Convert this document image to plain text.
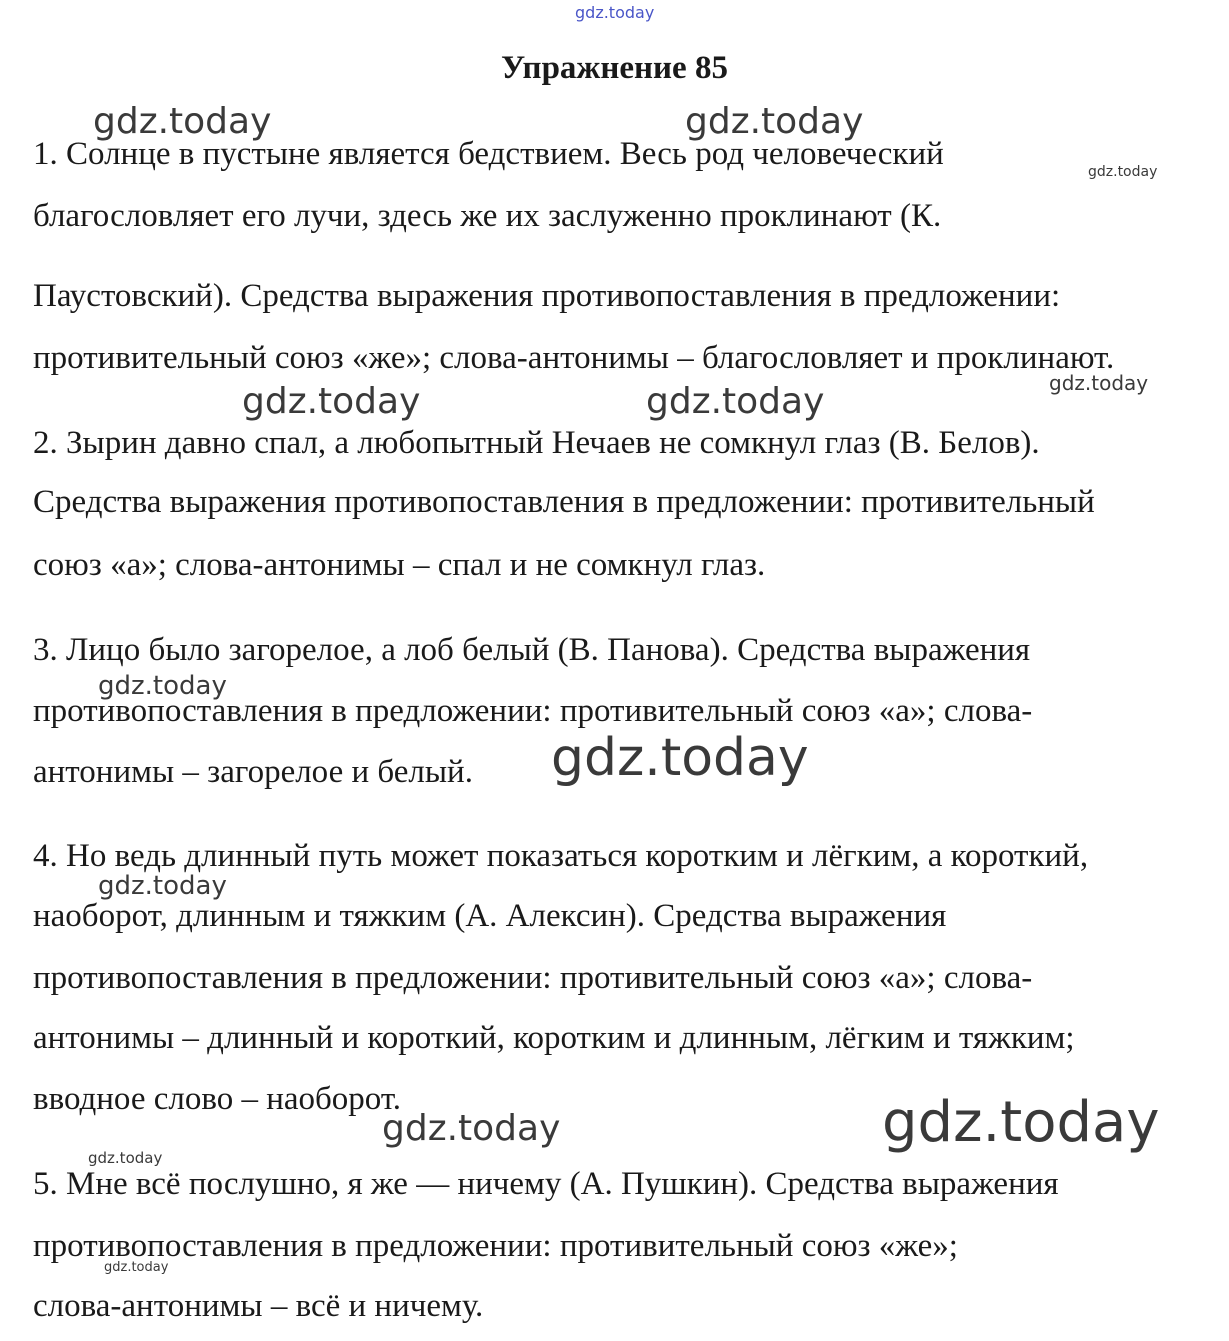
gdz.today
gdz.today	gdz.today
gdz.today
gdz.today
gdz.today	gdz.today
gdz.today
gdz.today
gdz.today
gdz.today	gdz.today
gdz.today
gdz.today
Упражнение 85
1. Солнце в пустыне является бедствием. Весь род человеческий
благословляет его лучи, здесь же их заслуженно проклинают (К.
Паустовский). Средства выражения противопоставления в предложении:
противительный союз «же»; слова-антонимы – благословляет и проклинают.
2. Зырин давно спал, а любопытный Нечаев не сомкнул глаз (В. Белов).
Средства выражения противопоставления в предложении: противительный
союз «а»; слова-антонимы – спал и не сомкнул глаз.
3. Лицо было загорелое, а лоб белый (В. Панова). Средства выражения
противопоставления в предложении: противительный союз «а»; слова-
антонимы – загорелое и белый.
4. Но ведь длинный путь может показаться коротким и лёгким, а короткий,
наоборот, длинным и тяжким (А. Алексин). Средства выражения
противопоставления в предложении: противительный союз «а»; слова-
антонимы – длинный и короткий, коротким и длинным, лёгким и тяжким;
вводное слово – наоборот.
5. Мне всё послушно, я же — ничему (А. Пушкин). Средства выражения
противопоставления в предложении: противительный союз «же»;
слова-антонимы – всё и ничему.
